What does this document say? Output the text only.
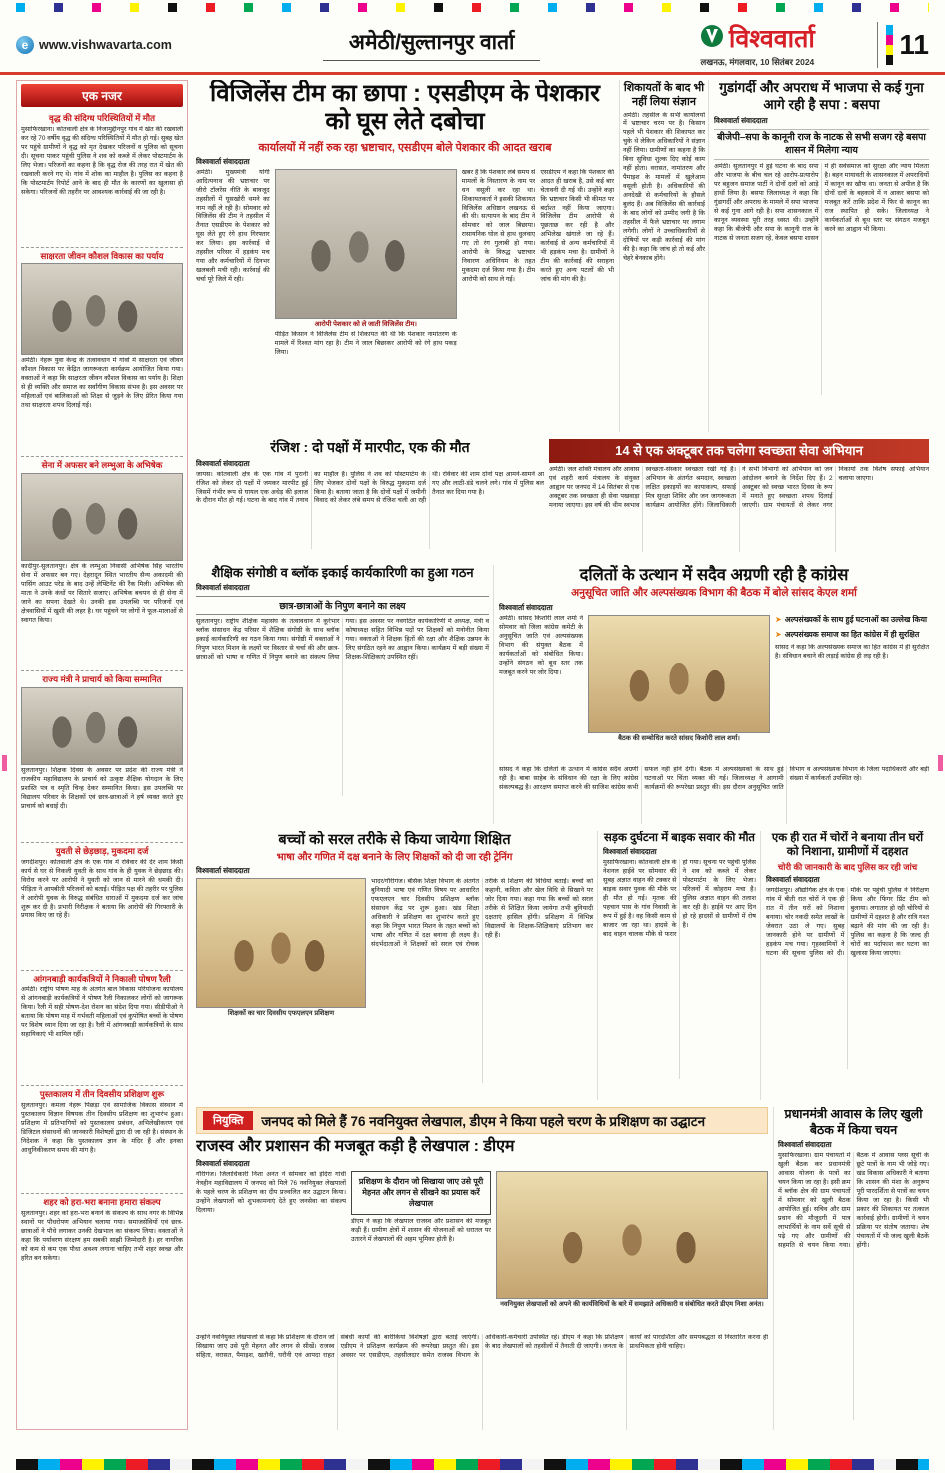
e www.vishwavarta.com	अमेठी/सुल्तानपुर वार्ता	विश्ववार्ता
लखनऊ, मंगलवार, 10 सितंबर 2024
11
एक नजर
वृद्ध की संदिग्ध परिस्थितियों में मौत

मुसाफिरखाना। कोतवाली क्षेत्र के निजामुद्दीनपुर गांव में खेत की रखवाली कर रहे 70 वर्षीय वृद्ध की संदिग्ध परिस्थितियों में मौत हो गई। सुबह खेत पर पहुंचे ग्रामीणों ने वृद्ध को मृत देखकर परिजनों व पुलिस को सूचना दी। सूचना पाकर पहुंची पुलिस ने शव को कब्जे में लेकर पोस्टमार्टम के लिए भेजा। परिजनों का कहना है कि वृद्ध रोज की तरह रात में खेत की रखवाली करने गए थे। गांव में शोक का माहौल है। पुलिस का कहना है कि पोस्टमार्टम रिपोर्ट आने के बाद ही मौत के कारणों का खुलासा हो सकेगा। परिजनों की तहरीर पर आवश्यक कार्रवाई की जा रही है।

साक्षरता जीवन कौशल विकास का पर्याय

अमेठी। नेहरू युवा केन्द्र के तत्वावधान में गांवों में साक्षरता एवं जीवन कौशल विकास पर केंद्रित जागरूकता कार्यक्रम आयोजित किया गया। वक्ताओं ने कहा कि साक्षरता जीवन कौशल विकास का पर्याय है। शिक्षा से ही व्यक्ति और समाज का सर्वांगीण विकास संभव है। इस अवसर पर महिलाओं एवं बालिकाओं को शिक्षा से जुड़ने के लिए प्रेरित किया गया तथा साक्षरता शपथ दिलाई गई।

सेना में अफसर बने लम्भुआ के अभिषेक

कादीपुर-सुलतानपुर। क्षेत्र के लम्भुआ निवासी अभिषेक सिंह भारतीय सेना में अफसर बन गए। देहरादून स्थित भारतीय सैन्य अकादमी की पासिंग आउट परेड के बाद उन्हें लेफ्टिनेंट की रैंक मिली। अभिषेक की माता ने उनके कंधों पर सितारे सजाए। अभिषेक बचपन से ही सेना में जाने का सपना देखते थे। उनकी इस उपलब्धि पर परिजनों एवं क्षेत्रवासियों में खुशी की लहर है। घर पहुंचने पर लोगों ने फूल-मालाओं से स्वागत किया।

राज्य मंत्री ने प्राचार्य को किया सम्मानित

सुलतानपुर। शिक्षक दिवस के अवसर पर प्रदेश की राज्य मंत्री ने राजकीय महाविद्यालय के प्राचार्य को उत्कृष्ट शैक्षिक योगदान के लिए प्रशस्ति पत्र व स्मृति चिन्ह देकर सम्मानित किया। इस उपलब्धि पर विद्यालय परिवार के शिक्षकों एवं छात्र-छात्राओं ने हर्ष व्यक्त करते हुए प्राचार्य को बधाई दी।

युवती से छेड़छाड़, मुकदमा दर्ज

जगदीशपुर। कोतवाली क्षेत्र के एक गांव में रविवार की देर शाम किसी कार्य से घर से निकली युवती के साथ गांव के ही युवक ने छेड़छाड़ की। विरोध करने पर आरोपी ने युवती को जान से मारने की धमकी दी। पीड़िता ने आपबीती परिजनों को बताई। पीड़ित पक्ष की तहरीर पर पुलिस ने आरोपी युवक के विरुद्ध संबंधित धाराओं में मुकदमा दर्ज कर जांच शुरू कर दी है। प्रभारी निरीक्षक ने बताया कि आरोपी की गिरफ्तारी के प्रयास किए जा रहे हैं।

आंगनबाड़ी कार्यकत्रियों ने निकाली पोषण रैली

अमेठी। राष्ट्रीय पोषण माह के अंतर्गत बाल विकास परियोजना कार्यालय से आंगनबाड़ी कार्यकत्रियों ने पोषण रैली निकालकर लोगों को जागरूक किया। रैली में सही पोषण-देश रोशन का संदेश दिया गया। सीडीपीओ ने बताया कि पोषण माह में गर्भवती महिलाओं एवं कुपोषित बच्चों के पोषण पर विशेष ध्यान दिया जा रहा है। रैली में आंगनबाड़ी कार्यकत्रियों के साथ सहायिकाएं भी शामिल रहीं।

पुस्तकालय में तीन दिवसीय प्रशिक्षण शुरू

सुलतानपुर। कमला नेहरू पिछड़ा एवं सामाजिक विकास संस्थान में पुस्तकालय विज्ञान विषयक तीन दिवसीय प्रशिक्षण का शुभारंभ हुआ। प्रशिक्षण में प्रतिभागियों को पुस्तकालय प्रबंधन, अभिलेखीकरण एवं डिजिटल संसाधनों की जानकारी विशेषज्ञों द्वारा दी जा रही है। संस्थान के निदेशक ने कहा कि पुस्तकालय ज्ञान के मंदिर हैं और इनका आधुनिकीकरण समय की मांग है।

शहर को हरा-भरा बनाना हमारा संकल्प

सुलतानपुर। शहर को हरा-भरा बनाने के संकल्प के साथ नगर के विभिन्न स्थानों पर पौधरोपण अभियान चलाया गया। समाजसेवियों एवं छात्र-छात्राओं ने पौधे लगाकर उनकी देखभाल का संकल्प लिया। वक्ताओं ने कहा कि पर्यावरण संरक्षण हम सबकी साझी जिम्मेदारी है। हर नागरिक को कम से कम एक पौधा अवश्य लगाना चाहिए तभी शहर स्वच्छ और हरित बन सकेगा।

विजिलेंस टीम का छापा : एसडीएम के पेशकार को घूस लेते दबोचा
कार्यालयों में नहीं रुक रहा भ्रष्टाचार, एसडीएम बोले पेशकार की आदत खराब
विश्ववार्ता संवाददाता
अमेठी। मुख्यमंत्री योगी आदित्यनाथ की भ्रष्टाचार पर जीरो टॉलरेंस नीति के बावजूद तहसीलों में घूसखोरी थमने का नाम नहीं ले रही है। सोमवार को विजिलेंस की टीम ने तहसील में तैनात एसडीएम के पेशकार को घूस लेते हुए रंगे हाथ गिरफ्तार कर लिया। इस कार्रवाई से तहसील परिसर में हड़कंप मच गया और कर्मचारियों में दिनभर खलबली मची रही। कार्रवाई की चर्चा पूरे जिले में रही।
आरोपी पेशकार को ले जाती विजिलेंस टीम।
पीड़ित किसान ने विजिलेंस टीम से शिकायत की थी कि पेशकार नामांतरण के मामले में रिश्वत मांग रहा है। टीम ने जाल बिछाकर आरोपी को रंगे हाथ पकड़ लिया।
खबर है कि पेशकार लंबे समय से मामलों के निस्तारण के नाम पर धन वसूली कर रहा था। शिकायतकर्ता ने इसकी शिकायत विजिलेंस अधिष्ठान लखनऊ से की थी। सत्यापन के बाद टीम ने सोमवार को जाल बिछाया। रासायनिक घोल से हाथ धुलवाए गए तो रंग गुलाबी हो गया। आरोपी के विरुद्ध भ्रष्टाचार निवारण अधिनियम के तहत मुकदमा दर्ज किया गया है। टीम आरोपी को साथ ले गई।
एसडीएम ने कहा कि पेशकार की आदत ही खराब है, उसे कई बार चेतावनी दी गई थी। उन्होंने कहा कि भ्रष्टाचार किसी भी कीमत पर बर्दाश्त नहीं किया जाएगा। विजिलेंस टीम आरोपी से पूछताछ कर रही है और अभिलेख खंगाले जा रहे हैं। कार्रवाई से अन्य कर्मचारियों में भी हड़कंप मचा है। ग्रामीणों ने टीम की कार्रवाई की सराहना करते हुए अन्य पटलों की भी जांच की मांग की है।
शिकायतों के बाद भी नहीं लिया संज्ञान

अमेठी। तहसील के सभी कार्यालयों में भ्रष्टाचार चरम पर है। किसान पहले भी पेशकार की शिकायत कर चुके थे लेकिन अधिकारियों ने संज्ञान नहीं लिया। ग्रामीणों का कहना है कि बिना सुविधा शुल्क दिए कोई काम नहीं होता। वरासत, नामांतरण और पैमाइश के मामलों में खुलेआम वसूली होती है। अधिकारियों की अनदेखी से कर्मचारियों के हौसले बुलंद हैं। अब विजिलेंस की कार्रवाई के बाद लोगों को उम्मीद जगी है कि तहसील में फैले भ्रष्टाचार पर लगाम लगेगी। लोगों ने उच्चाधिकारियों से दोषियों पर कड़ी कार्रवाई की मांग की है। कहा कि जांच हो तो कई और चेहरे बेनकाब होंगे।

गुडांगर्दी और अपराध में भाजपा से कई गुना आगे रही है सपा : बसपा
विश्ववार्ता संवाददाता
बीजेपी–सपा के कानूनी राज के नाटक से सभी सजग रहे बसपा शासन में मिलेगा न्याय

अमेठी। सुलतानपुर में हुई घटना के बाद सपा और भाजपा के बीच चल रहे आरोप-प्रत्यारोप पर बहुजन समाज पार्टी ने दोनों दलों को आड़े हाथों लिया है। बसपा जिलाध्यक्ष ने कहा कि गुंडागर्दी और अपराध के मामले में सपा भाजपा से कई गुना आगे रही है। सपा शासनकाल में कानून व्यवस्था पूरी तरह ध्वस्त थी। उन्होंने कहा कि बीजेपी और सपा के कानूनी राज के नाटक से जनता सजग रहे, केवल बसपा शासन में ही सर्वसमाज को सुरक्षा और न्याय मिलता है। बहन मायावती के शासनकाल में अपराधियों में कानून का खौफ था। जनता से अपील है कि दोनों दलों के बहकावे में न आकर बसपा को मजबूत करें ताकि प्रदेश में फिर से कानून का राज स्थापित हो सके। जिलाध्यक्ष ने कार्यकर्ताओं से बूथ स्तर पर संगठन मजबूत करने का आह्वान भी किया।

रंजिश : दो पक्षों में मारपीट, एक की मौत
विश्ववार्ता संवाददाता

जायस। कोतवाली क्षेत्र के एक गांव में पुरानी रंजिश को लेकर दो पक्षों में जमकर मारपीट हुई जिसमें गंभीर रूप से घायल एक अधेड़ की इलाज के दौरान मौत हो गई। घटना के बाद गांव में तनाव का माहौल है। पुलिस ने शव को पोस्टमार्टम के लिए भेजकर दोनों पक्षों के विरुद्ध मुकदमा दर्ज किया है। बताया जाता है कि दोनों पक्षों में जमीनी विवाद को लेकर लंबे समय से रंजिश चली आ रही थी। रविवार की शाम दोनों पक्ष आमने-सामने आ गए और लाठी-डंडे चलने लगे। गांव में पुलिस बल तैनात कर दिया गया है।

14 से एक अक्टूबर तक चलेगा स्वच्छता सेवा अभियान

अमेठी। जल शक्ति मंत्रालय और आवास एवं शहरी कार्य मंत्रालय के संयुक्त आह्वान पर जनपद में 14 सितंबर से एक अक्टूबर तक स्वच्छता ही सेवा पखवाड़ा मनाया जाएगा। इस वर्ष की थीम स्वभाव स्वच्छता-संस्कार स्वच्छता रखी गई है। अभियान के अंतर्गत श्रमदान, स्वच्छता लक्षित इकाइयों का कायाकल्प, सफाई मित्र सुरक्षा शिविर और जन जागरूकता कार्यक्रम आयोजित होंगे। जिलाधिकारी ने सभी विभागों को अभियान को जन आंदोलन बनाने के निर्देश दिए हैं। 2 अक्टूबर को स्वच्छ भारत दिवस के रूप में मनाते हुए स्वच्छता शपथ दिलाई जाएगी। ग्राम पंचायतों से लेकर नगर निकायों तक विशेष सफाई अभियान चलाया जाएगा।

शैक्षिक संगोष्ठी व ब्लॉक इकाई कार्यकारिणी का हुआ गठन
विश्ववार्ता संवाददाता
छात्र-छात्राओं के निपुण बनाने का लक्ष्य

सुलतानपुर। राष्ट्रीय शैक्षिक महासंघ के तत्वावधान में कूरेभार ब्लॉक संसाधन केंद्र परिसर में शैक्षिक संगोष्ठी के साथ ब्लॉक इकाई कार्यकारिणी का गठन किया गया। संगोष्ठी में वक्ताओं ने निपुण भारत मिशन के लक्ष्यों पर विस्तार से चर्चा की और छात्र-छात्राओं को भाषा व गणित में निपुण बनाने का संकल्प लिया गया। इस अवसर पर नवगठित कार्यकारिणी में अध्यक्ष, मंत्री व कोषाध्यक्ष सहित विभिन्न पदों पर शिक्षकों को मनोनीत किया गया। वक्ताओं ने शिक्षक हितों की रक्षा और शैक्षिक उन्नयन के लिए संगठित रहने का आह्वान किया। कार्यक्रम में बड़ी संख्या में शिक्षक-शिक्षिकाएं उपस्थित रहीं।

दलितों के उत्थान में सदैव अग्रणी रही है कांग्रेस
अनुसूचित जाति और अल्पसंख्यक विभाग की बैठक में बोले सांसद केएल शर्मा
विश्ववार्ता संवाददाता
अमेठी। सांसद किशोरी लाल शर्मा ने सोमवार को जिला कांग्रेस कमेटी के अनुसूचित जाति एवं अल्पसंख्यक विभाग की संयुक्त बैठक में कार्यकर्ताओं को संबोधित किया। उन्होंने संगठन को बूथ स्तर तक मजबूत करने पर जोर दिया।
बैठक की सम्बोधित करते सांसद किशोरी लाल शर्मा।
➤ अल्पसंख्यकों के साथ हुई घटनाओं का उल्लेख किया
➤ अल्पसंख्यक समाज का हित कांग्रेस में ही सुरक्षित

सांसद ने कहा कि अल्पसंख्यक समाज का हित कांग्रेस में ही सुरक्षित है। संविधान बचाने की लड़ाई कांग्रेस ही लड़ रही है।

सांसद ने कहा कि दलितों के उत्थान में कांग्रेस सदैव अग्रणी रही है। बाबा साहेब के संविधान की रक्षा के लिए कांग्रेस संकल्पबद्ध है। आरक्षण समाप्त करने की साजिश कांग्रेस कभी सफल नहीं होने देगी। बैठक में अल्पसंख्यकों के साथ हुई घटनाओं पर चिंता व्यक्त की गई। जिलाध्यक्ष ने आगामी कार्यक्रमों की रूपरेखा प्रस्तुत की। इस दौरान अनुसूचित जाति विभाग व अल्पसंख्यक विभाग के जिला पदाधिकारी और बड़ी संख्या में कार्यकर्ता उपस्थित रहे।

बच्चों को सरल तरीके से किया जायेगा शिक्षित
भाषा और गणित में दक्ष बनाने के लिए शिक्षकों को दी जा रही ट्रेनिंग
विश्ववार्ता संवाददाता
शिक्षकों का चार दिवसीय एफएलएन प्रशिक्षण

भादर/गौरीगंज। बेसिक शिक्षा विभाग के अंतर्गत बुनियादी भाषा एवं गणित विषय पर आधारित एफएलएन चार दिवसीय प्रशिक्षण ब्लॉक संसाधन केंद्र पर शुरू हुआ। खंड शिक्षा अधिकारी ने प्रशिक्षण का शुभारंभ करते हुए कहा कि निपुण भारत मिशन के तहत बच्चों को भाषा और गणित में दक्ष बनाना ही लक्ष्य है। संदर्भदाताओं ने शिक्षकों को सरल एवं रोचक तरीके से शिक्षण की विधियां बताईं। बच्चों को कहानी, कविता और खेल विधि से सिखाने पर जोर दिया गया। कहा गया कि बच्चों को सरल तरीके से शिक्षित किया जायेगा तभी बुनियादी दक्षताएं हासिल होंगी। प्रशिक्षण में विभिन्न विद्यालयों के शिक्षक-शिक्षिकाएं प्रतिभाग कर रही हैं।

सड़क दुर्घटना में बाइक सवार की मौत
विश्ववार्ता संवाददाता

मुसाफिरखाना। कोतवाली क्षेत्र के नेशनल हाईवे पर सोमवार की सुबह अज्ञात वाहन की टक्कर से बाइक सवार युवक की मौके पर ही मौत हो गई। मृतक की पहचान पास के गांव निवासी के रूप में हुई है। वह किसी काम से बाजार जा रहा था। हादसे के बाद वाहन चालक मौके से फरार हो गया। सूचना पर पहुंची पुलिस ने शव को कब्जे में लेकर पोस्टमार्टम के लिए भेजा। परिजनों में कोहराम मचा है। पुलिस अज्ञात वाहन की तलाश कर रही है। हाईवे पर आए दिन हो रहे हादसों से ग्रामीणों में रोष है।

एक ही रात में चोरों ने बनाया तीन घरों को निशाना, ग्रामीणों में दहशत
चोरी की जानकारी के बाद पुलिस कर रही जांच
विश्ववार्ता संवाददाता

जगदीशपुर। औद्योगिक क्षेत्र के एक गांव में बीती रात चोरों ने एक ही रात में तीन घरों को निशाना बनाया। चोर नकदी समेत लाखों के जेवरात उठा ले गए। सुबह जानकारी होने पर ग्रामीणों में हड़कंप मच गया। गृहस्वामियों ने घटना की सूचना पुलिस को दी। मौके पर पहुंची पुलिस ने निरीक्षण किया और फिंगर प्रिंट टीम को बुलाया। लगातार हो रही चोरियों से ग्रामीणों में दहशत है और रात्रि गश्त बढ़ाने की मांग की जा रही है। पुलिस का कहना है कि जल्द ही चोरों का पर्दाफाश कर घटना का खुलासा किया जाएगा।

नियुक्ति	जनपद को मिले हैं 76 नवनियुक्त लेखपाल, डीएम ने किया पहले चरण के प्रशिक्षण का उद्घाटन
राजस्व और प्रशासन की मजबूत कड़ी है लेखपाल : डीएम
विश्ववार्ता संवाददाता
गौरीगंज। जिलाधिकारी निशा अनंत ने सोमवार को इंदिरा गांधी नेत्रहीन महाविद्यालय में जनपद को मिले 76 नवनियुक्त लेखपालों के पहले चरण के प्रशिक्षण का दीप प्रज्वलित कर उद्घाटन किया। उन्होंने लेखपालों को शुभकामनाएं देते हुए जनसेवा का संकल्प दिलाया।
प्रशिक्षण के दौरान जो सिखाया जाए उसे पूरी मेहनत और लगन से सीखने का प्रयास करें लेखपाल

डीएम ने कहा कि लेखपाल राजस्व और प्रशासन की मजबूत कड़ी हैं। ग्रामीण क्षेत्रों में शासन की योजनाओं को धरातल पर उतारने में लेखपालों की अहम भूमिका होती है।

नवनियुक्त लेखपालों को अपने की कार्यविधियों के बारे में समझाते अधिकारी व संबोधित करते डीएम निशा अनंत।

उन्होंने नवनियुक्त लेखपालों से कहा कि प्रशिक्षण के दौरान जो सिखाया जाए उसे पूरी मेहनत और लगन से सीखें। राजस्व संहिता, वरासत, पैमाइश, खतौनी, घरौनी एवं आपदा राहत संबंधी कार्यों की बारीकियां विशेषज्ञों द्वारा बताई जाएंगी। एडीएम ने प्रशिक्षण कार्यक्रम की रूपरेखा प्रस्तुत की। इस अवसर पर एसडीएम, तहसीलदार समेत राजस्व विभाग के अधिकारी-कर्मचारी उपस्थित रहे। डीएम ने कहा कि प्रशिक्षण के बाद लेखपालों को तहसीलों में तैनाती दी जाएगी। जनता के कार्यों को पारदर्शिता और समयबद्धता से निस्तारित करना ही प्राथमिकता होनी चाहिए।

प्रधानमंत्री आवास के लिए खुली बैठक में किया चयन
विश्ववार्ता संवाददाता

मुसाफिरखाना। ग्राम पंचायतों में खुली बैठक कर प्रधानमंत्री आवास योजना के पात्रों का चयन किया जा रहा है। इसी क्रम में ब्लॉक क्षेत्र की ग्राम पंचायतों में सोमवार को खुली बैठक आयोजित हुई। सचिव और ग्राम प्रधान की मौजूदगी में पात्र लाभार्थियों के नाम सर्वे सूची से पढ़े गए और ग्रामीणों की सहमति से चयन किया गया। बैठक में आवास प्लस सूची के छूटे पात्रों के नाम भी जोड़े गए। खंड विकास अधिकारी ने बताया कि शासन की मंशा के अनुरूप पूरी पारदर्शिता से पात्रों का चयन किया जा रहा है। किसी भी प्रकार की शिकायत पर तत्काल कार्रवाई होगी। ग्रामीणों ने चयन प्रक्रिया पर संतोष जताया। शेष पंचायतों में भी जल्द खुली बैठकें होंगी।
